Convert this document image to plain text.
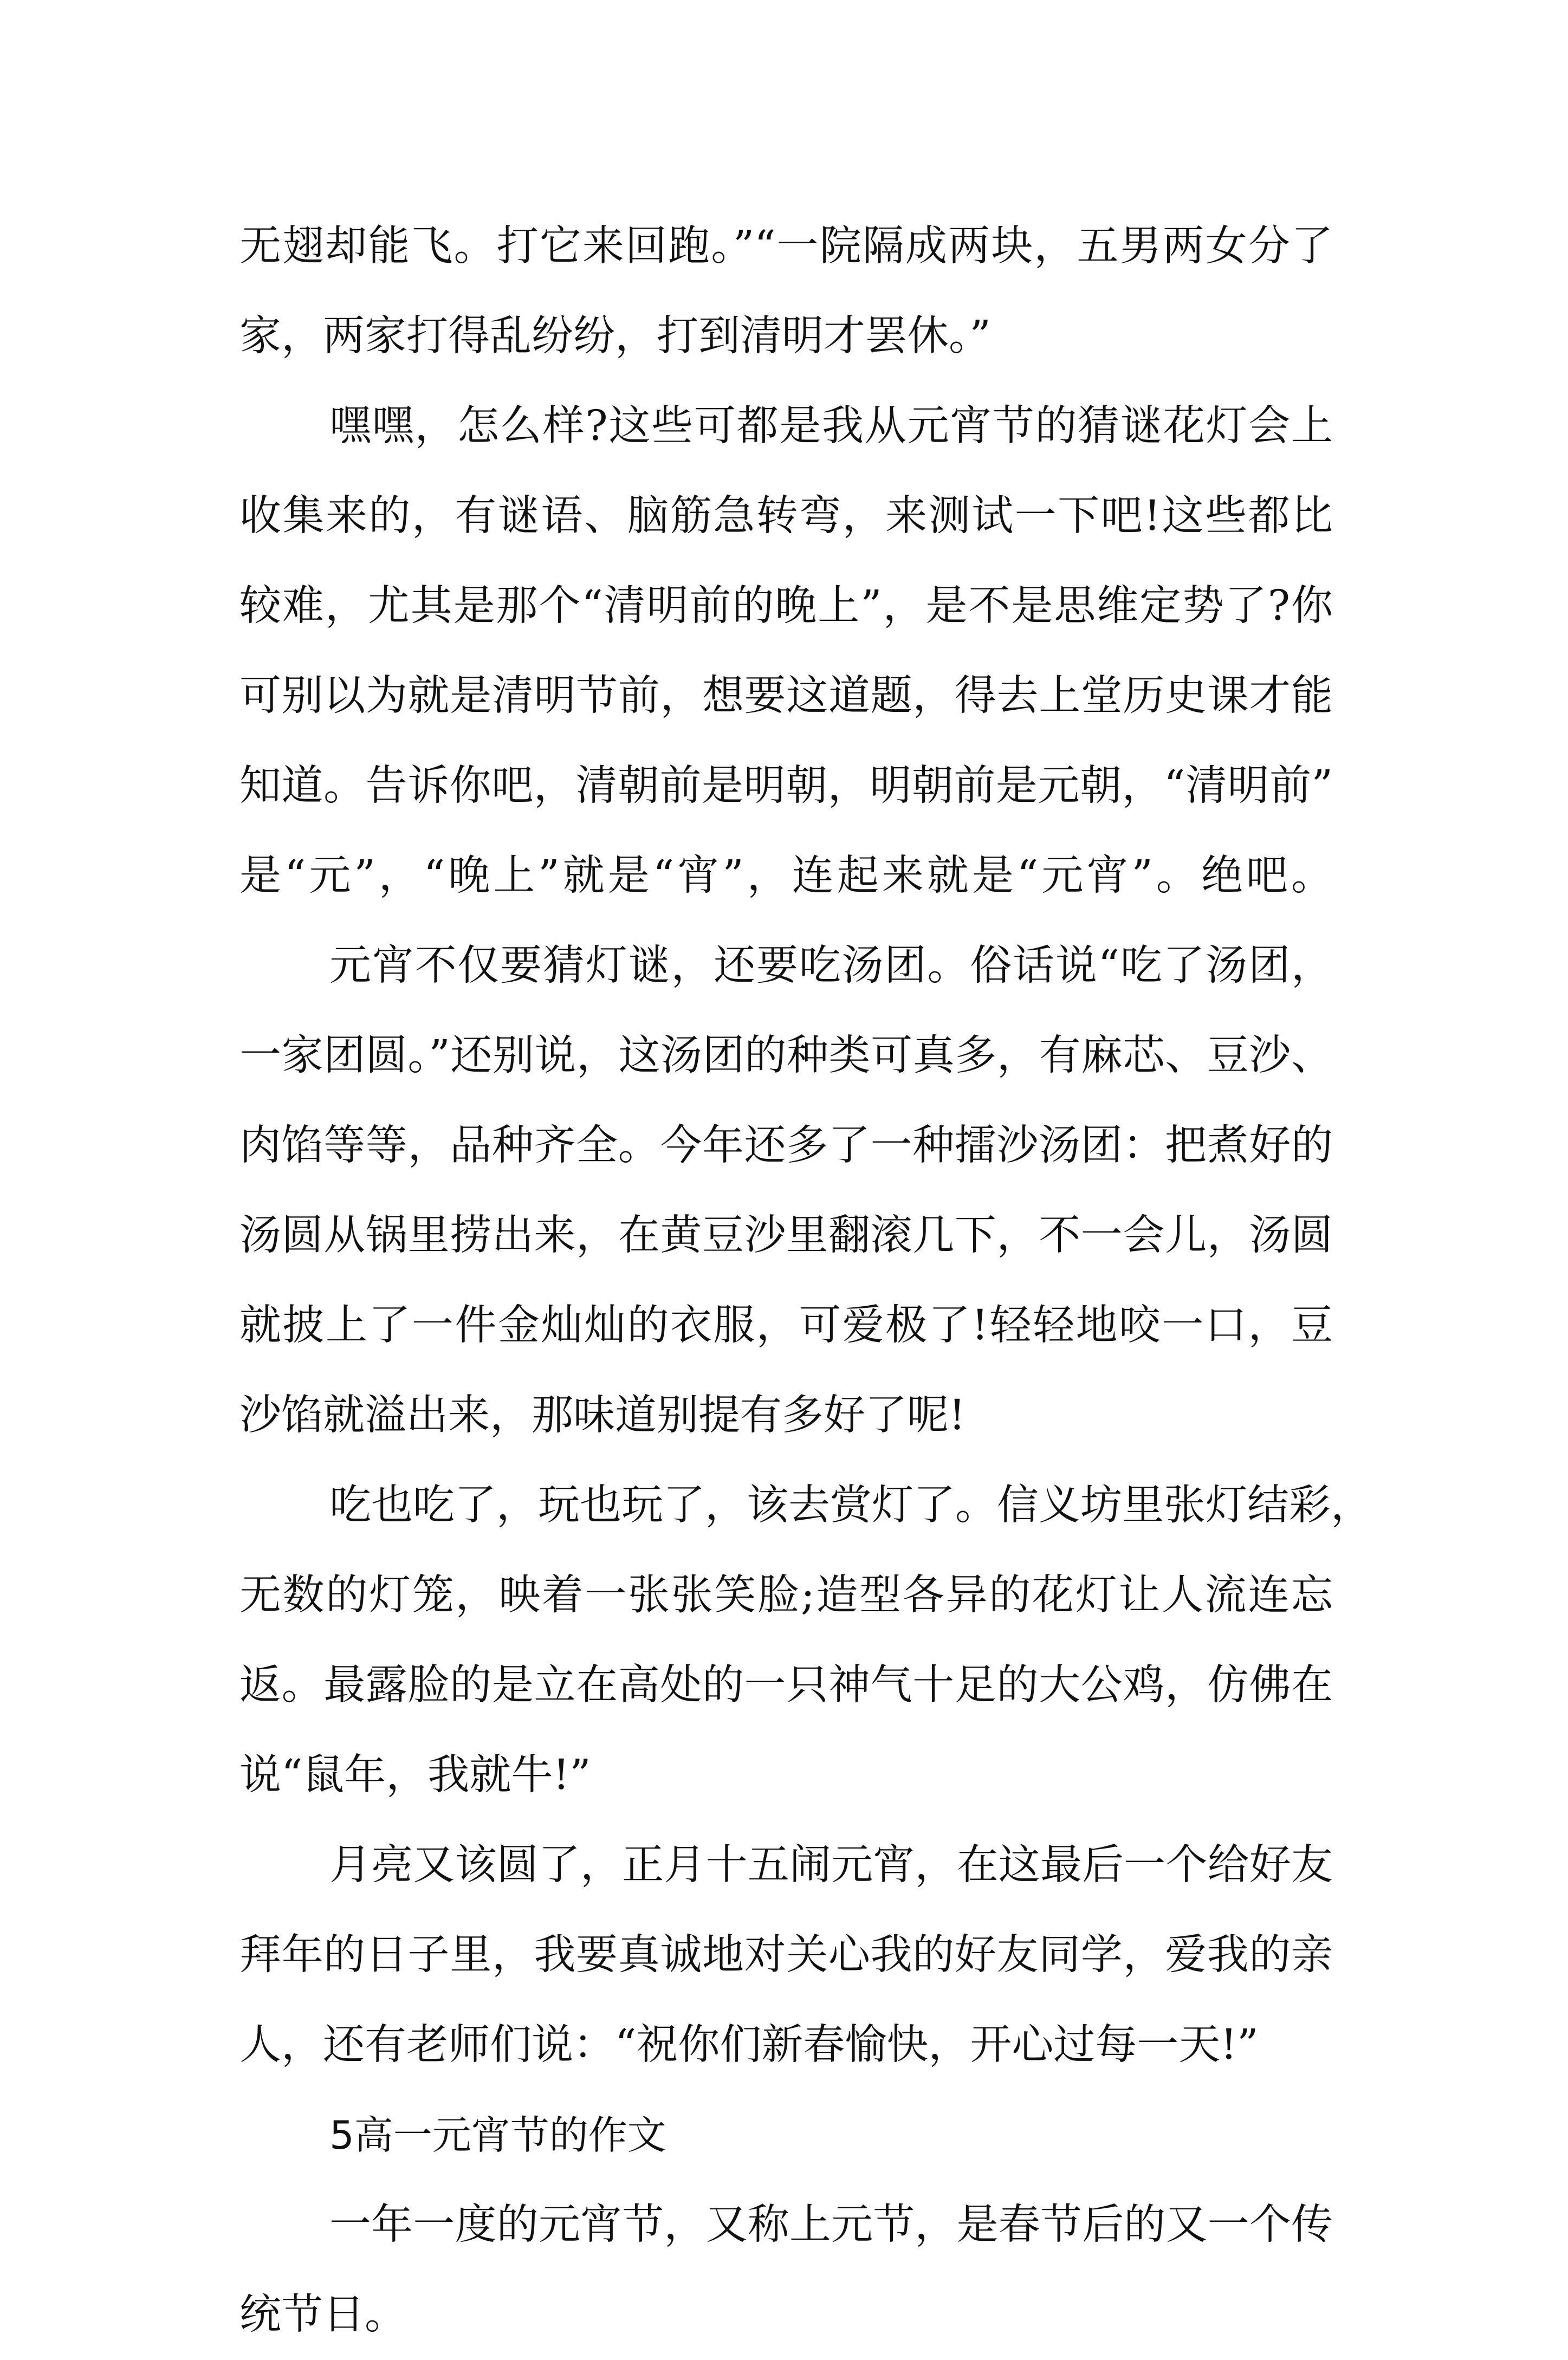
无翅却能飞。打它来回跑。”“一院隔成两块，五男两女分了
家，两家打得乱纷纷，打到清明才罢休。”
嘿嘿，怎么样?这些可都是我从元宵节的猜谜花灯会上
收集来的，有谜语、脑筋急转弯，来测试一下吧!这些都比
较难，尤其是那个“清明前的晚上”，是不是思维定势了?你
可别以为就是清明节前，想要这道题，得去上堂历史课才能
知道。告诉你吧，清朝前是明朝，明朝前是元朝，“清明前”
是“元”，“晚上”就是“宵”，连起来就是“元宵”。绝吧。
元宵不仅要猜灯谜，还要吃汤团。俗话说“吃了汤团，
一家团圆。”还别说，这汤团的种类可真多，有麻芯、豆沙、
肉馅等等，品种齐全。今年还多了一种擂沙汤团：把煮好的
汤圆从锅里捞出来，在黄豆沙里翻滚几下，不一会儿，汤圆
就披上了一件金灿灿的衣服，可爱极了!轻轻地咬一口，豆
沙馅就溢出来，那味道别提有多好了呢!
吃也吃了，玩也玩了，该去赏灯了。信义坊里张灯结彩，
无数的灯笼，映着一张张笑脸;造型各异的花灯让人流连忘
返。最露脸的是立在高处的一只神气十足的大公鸡，仿佛在
说“鼠年，我就牛!”
月亮又该圆了，正月十五闹元宵，在这最后一个给好友
拜年的日子里，我要真诚地对关心我的好友同学，爱我的亲
人，还有老师们说：“祝你们新春愉快，开心过每一天!”
5高一元宵节的作文
一年一度的元宵节，又称上元节，是春节后的又一个传
统节日。
